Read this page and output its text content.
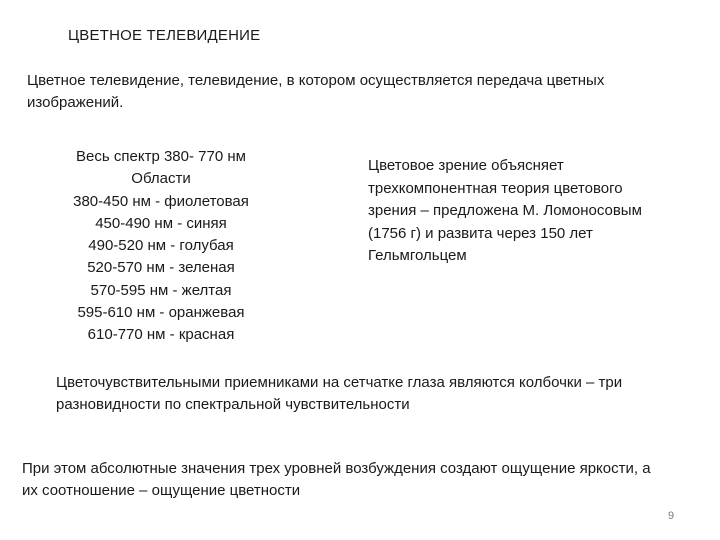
ЦВЕТНОЕ ТЕЛЕВИДЕНИЕ
Цветное телевидение, телевидение, в котором осуществляется передача цветных изображений.
Весь спектр 380- 770 нм
Области
380-450 нм - фиолетовая
450-490 нм - синяя
490-520 нм - голубая
520-570 нм - зеленая
570-595 нм - желтая
595-610 нм - оранжевая
610-770 нм - красная
Цветовое зрение объясняет трехкомпонентная теория цветового зрения – предложена М. Ломоносовым (1756 г) и развита через 150 лет Гельмгольцем
Цветочувствительными приемниками на сетчатке глаза являются колбочки – три разновидности по спектральной чувствительности
При этом абсолютные значения трех уровней возбуждения создают ощущение яркости, а их соотношение – ощущение цветности
9
